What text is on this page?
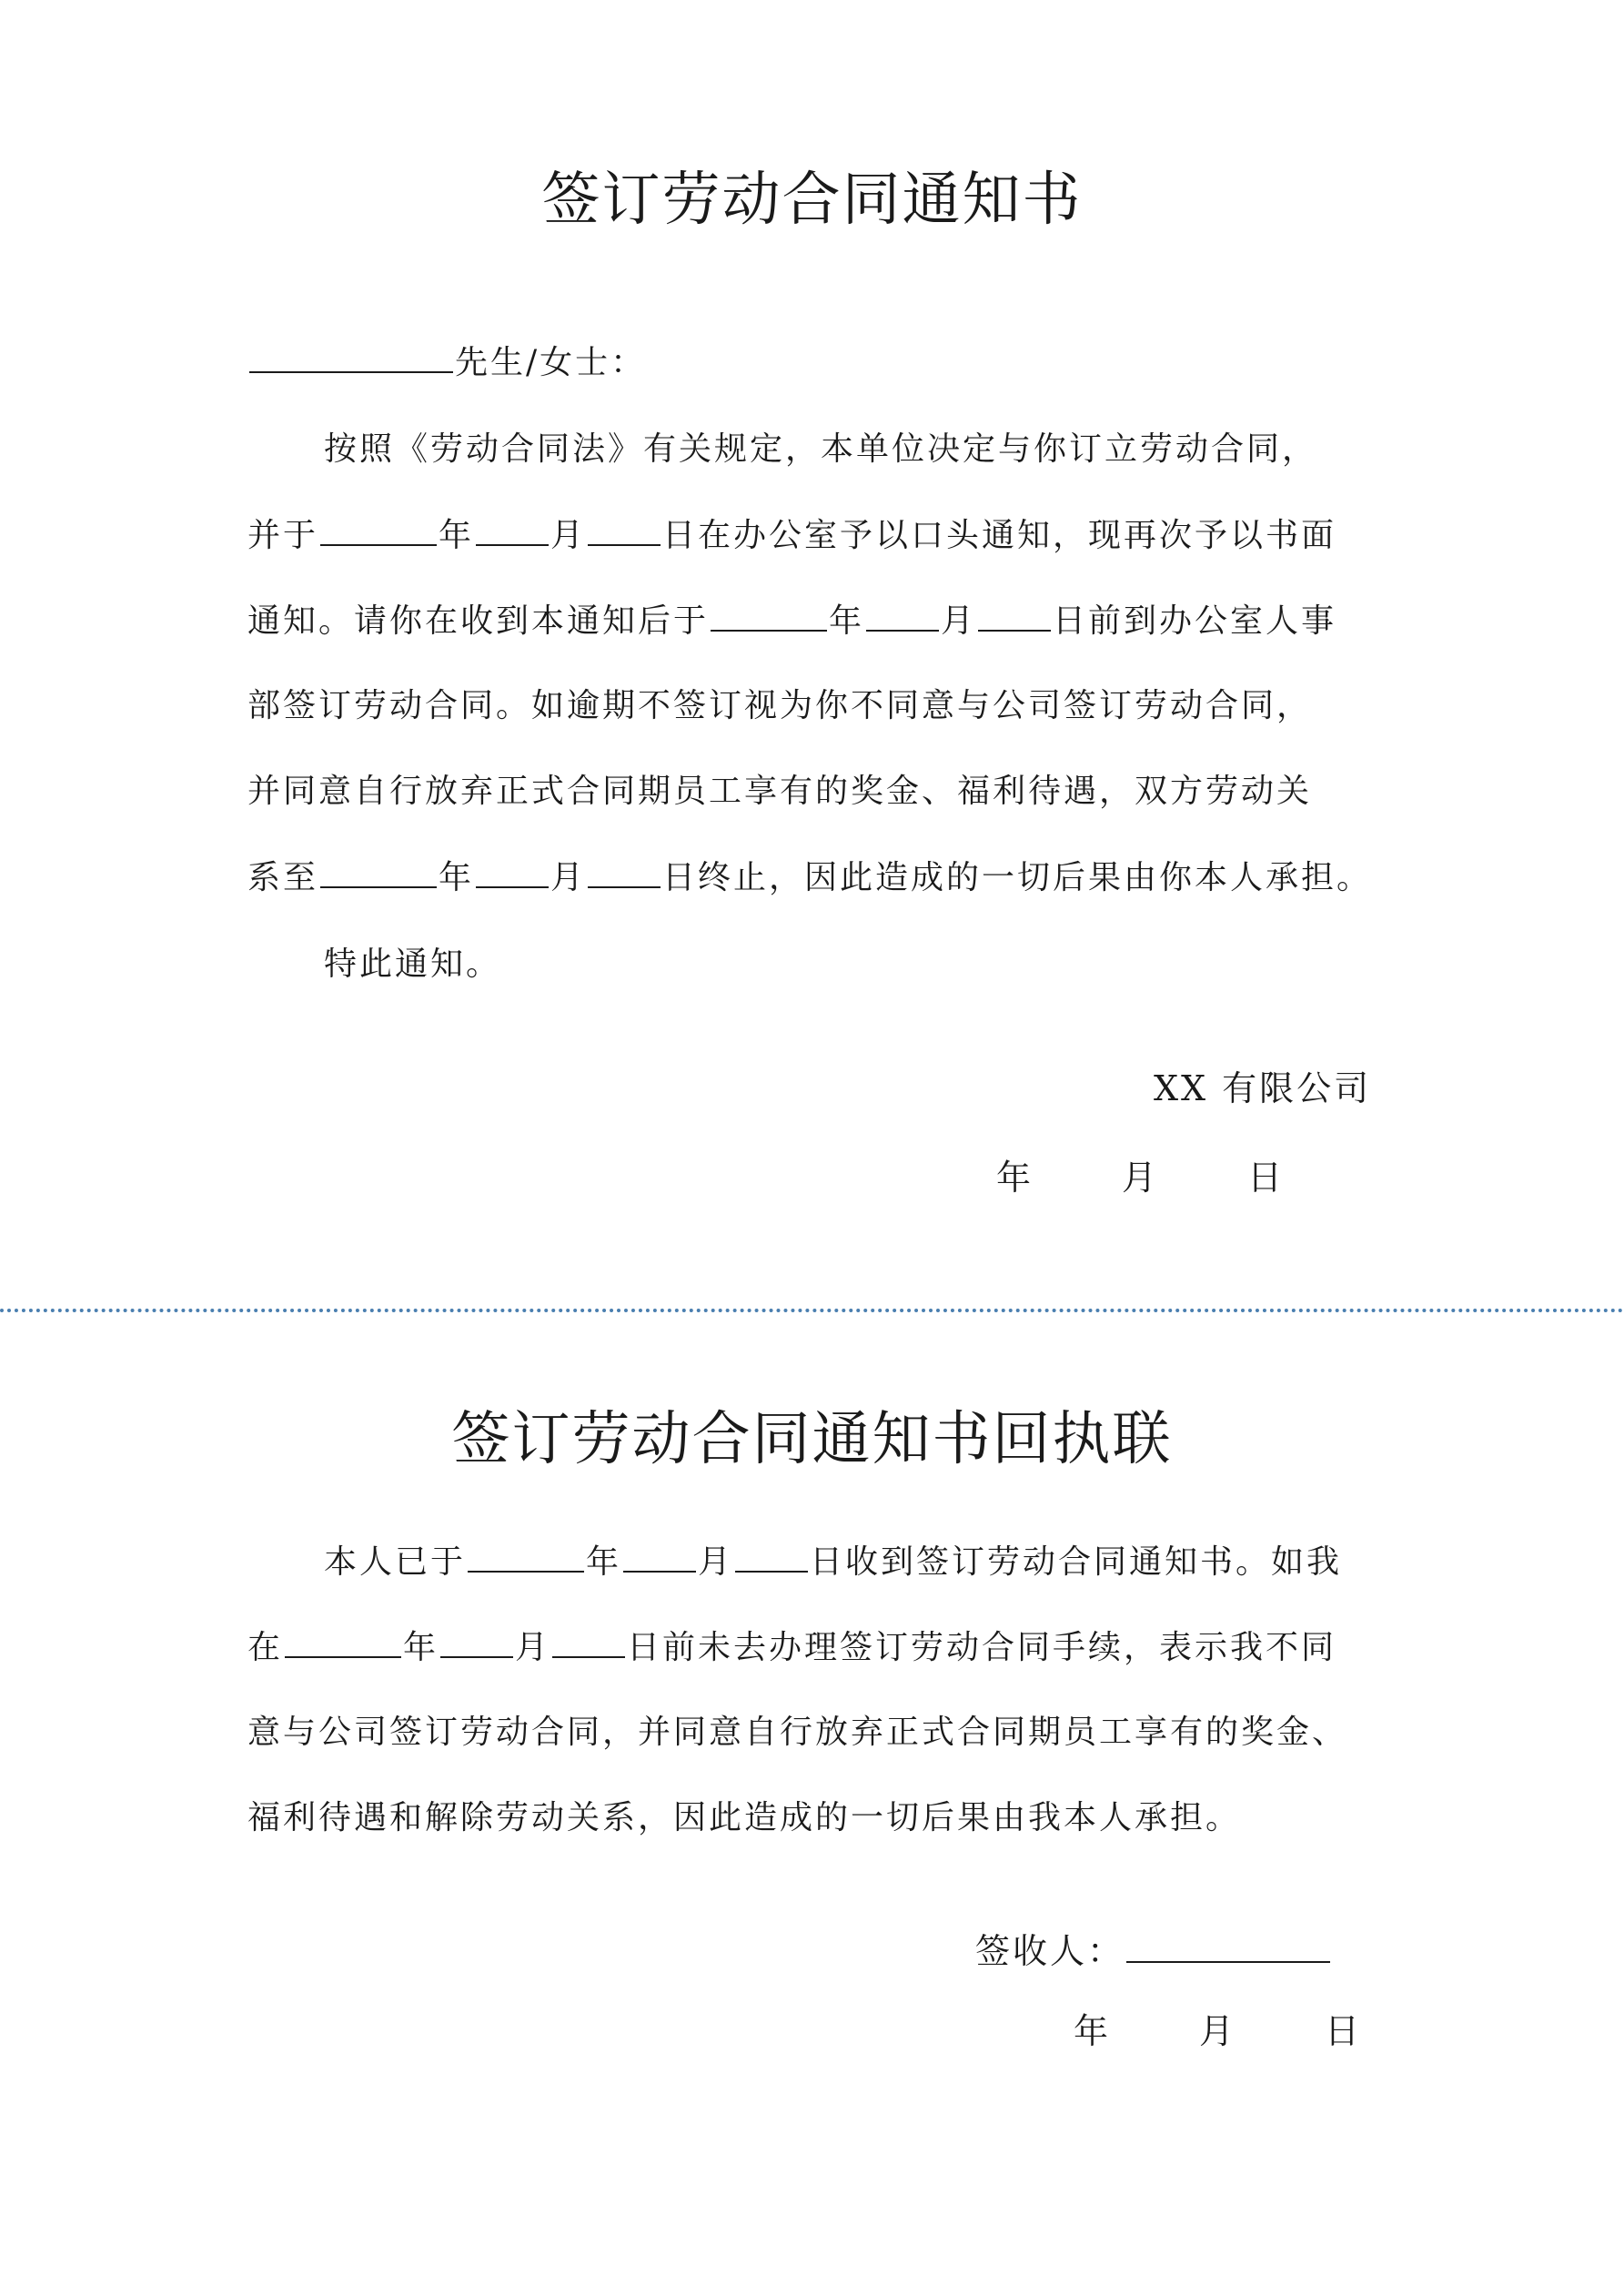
签订劳动合同通知书
先生/女士：
按照《劳动合同法》有关规定，本单位决定与你订立劳动合同，
并于	年 月 日在办公室予以口头通知，现再次予以书面
通知。请你在收到本通知后于	年 月 日前到办公室人事
部签订劳动合同。如逾期不签订视为你不同意与公司签订劳动合同，
并同意自行放弃正式合同期员工享有的奖金、福利待遇，双方劳动关
系至	年 月 日终止，因此造成的一切后果由你本人承担。
特此通知。
XX 有限公司
年	月	日
签订劳动合同通知书回执联
本人已于	年 月 日收到签订劳动合同通知书。如我
在	年 月 日前未去办理签订劳动合同手续，表示我不同
意与公司签订劳动合同，并同意自行放弃正式合同期员工享有的奖金、
福利待遇和解除劳动关系，因此造成的一切后果由我本人承担。
签收人：
年	月	日
